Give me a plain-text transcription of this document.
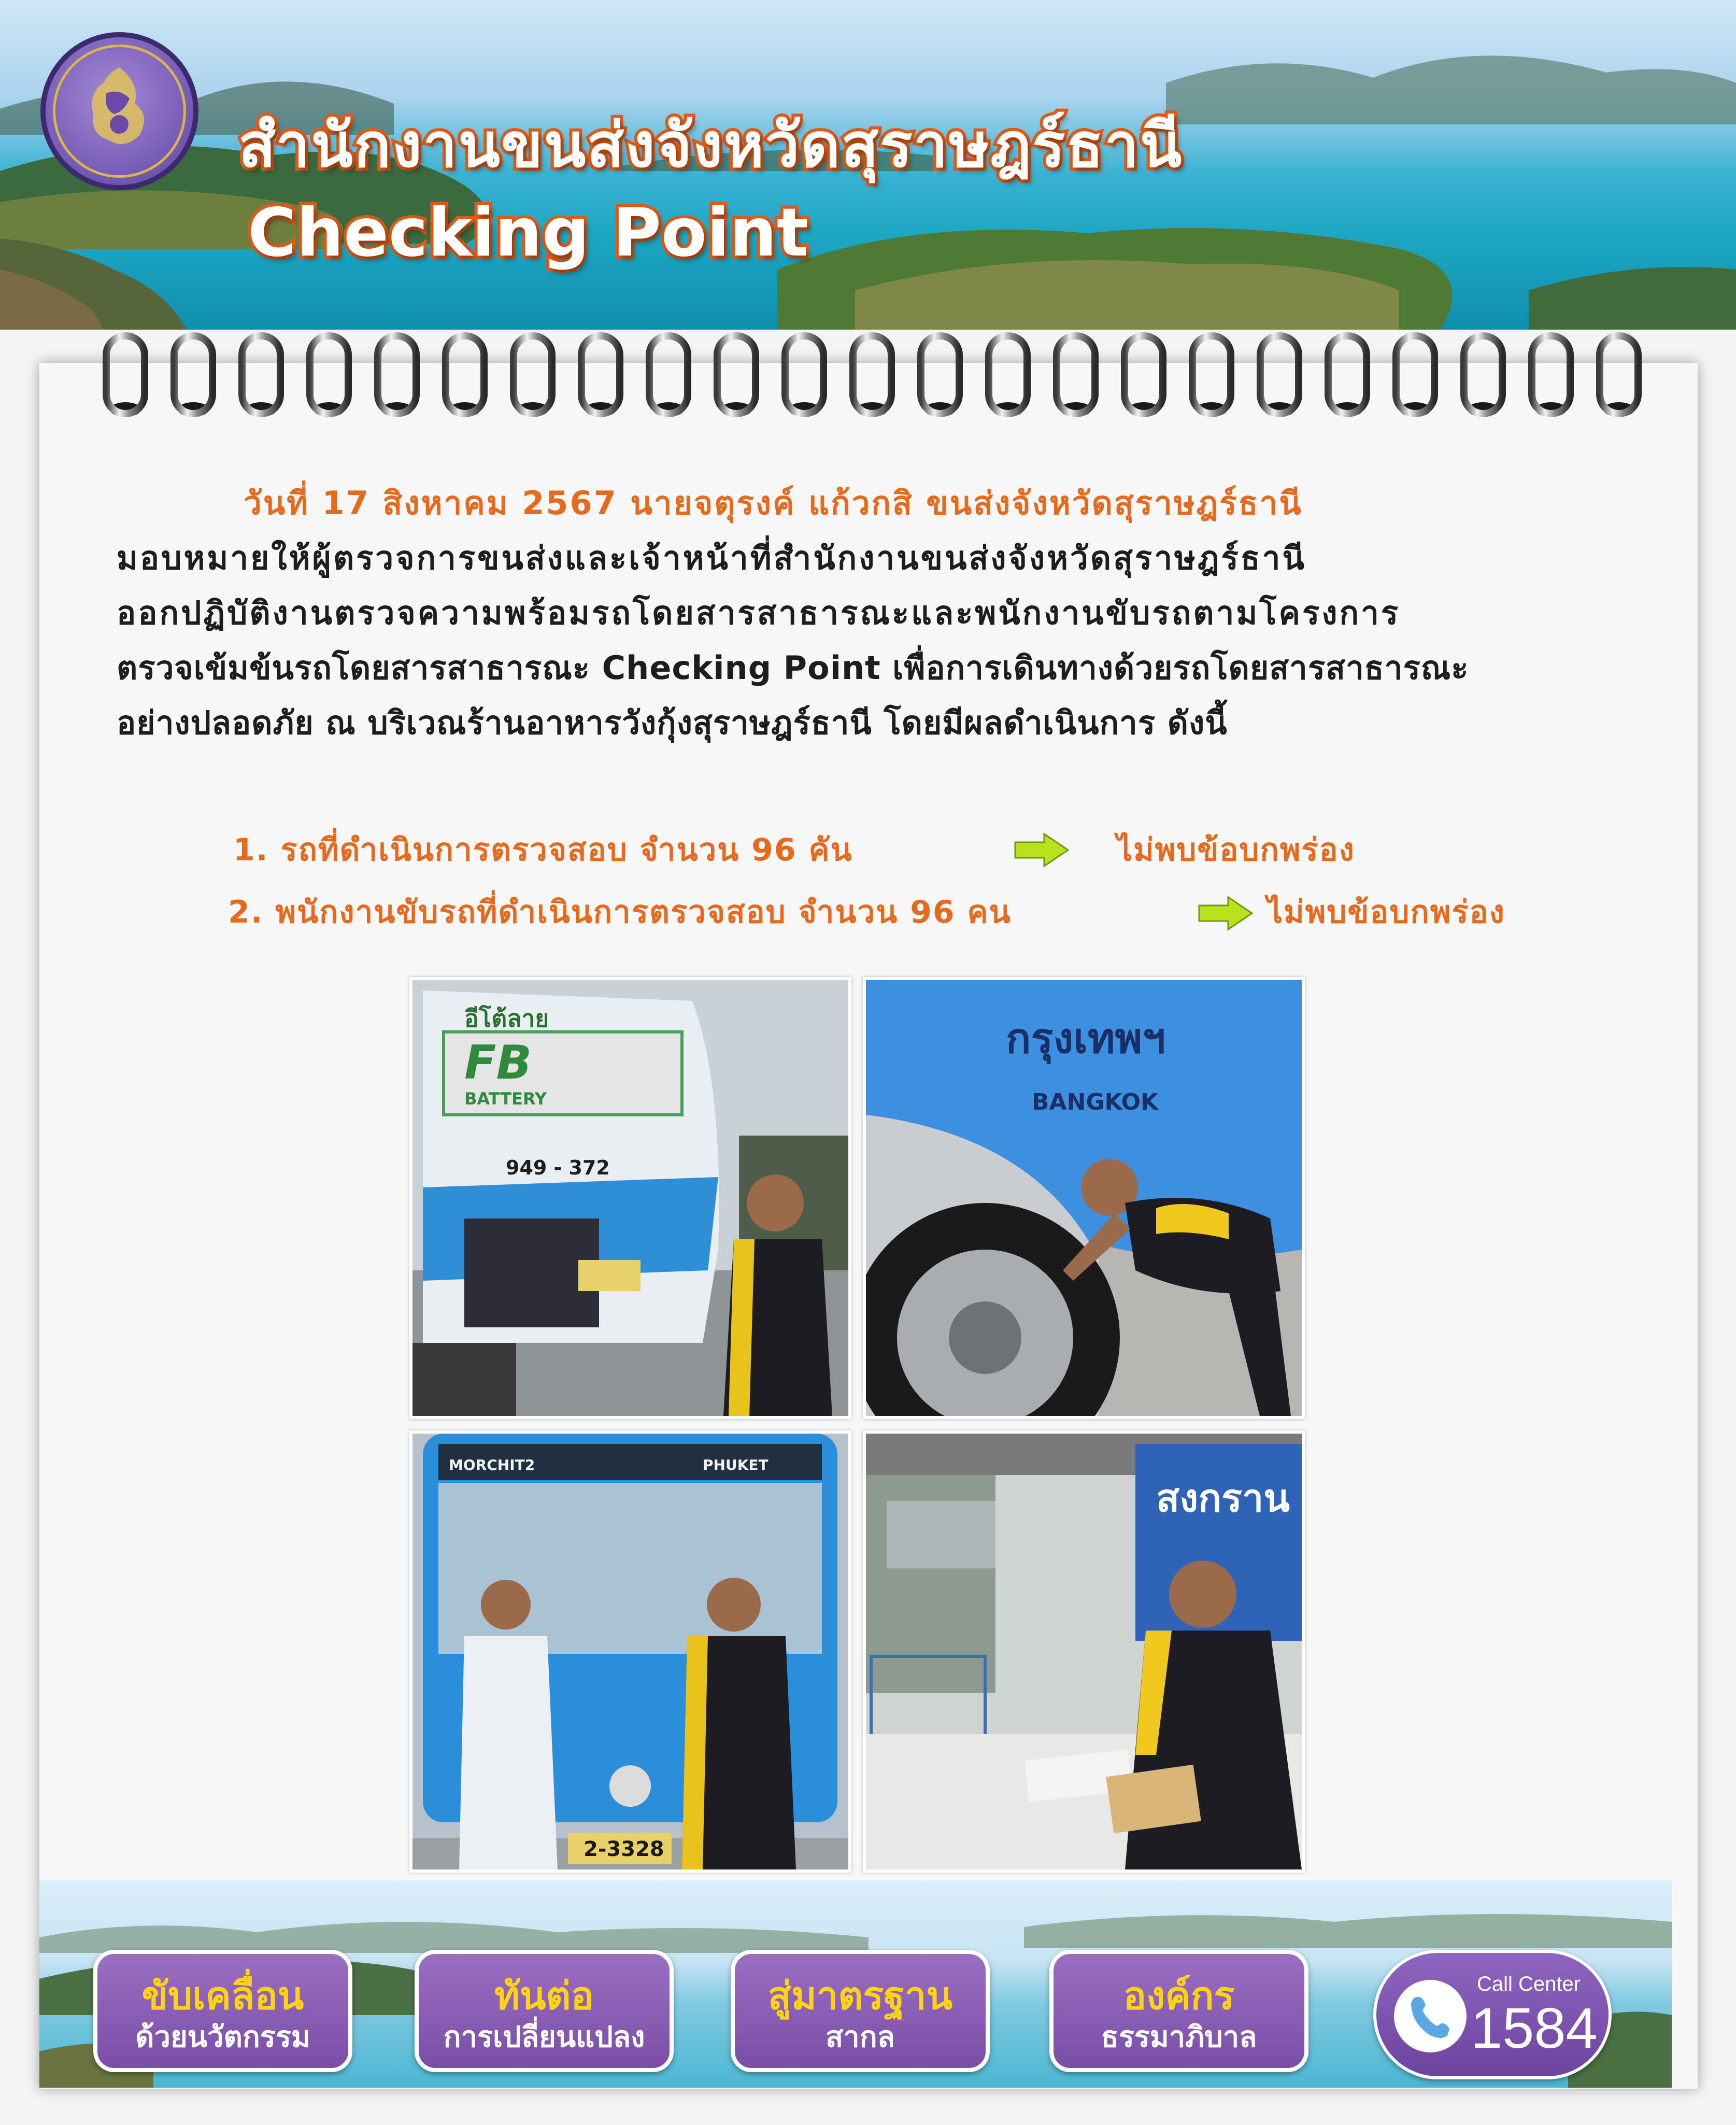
สำนักงานขนส่งจังหวัดสุราษฎร์ธานี
Checking Point
วันที่ 17 สิงหาคม 2567 นายจตุรงค์ แก้วกสิ ขนส่งจังหวัดสุราษฎร์ธานี
มอบหมายให้ผู้ตรวจการขนส่งและเจ้าหน้าที่สำนักงานขนส่งจังหวัดสุราษฎร์ธานี
ออกปฏิบัติงานตรวจความพร้อมรถโดยสารสาธารณะและพนักงานขับรถตามโครงการ
ตรวจเข้มข้นรถโดยสารสาธารณะ Checking Point เพื่อการเดินทางด้วยรถโดยสารสาธารณะ
อย่างปลอดภัย ณ บริเวณร้านอาหารวังกุ้งสุราษฎร์ธานี โดยมีผลดำเนินการ ดังนี้
1. รถที่ดำเนินการตรวจสอบ จำนวน 96 คัน	ไม่พบข้อบกพร่อง
2. พนักงานขับรถที่ดำเนินการตรวจสอบ จำนวน 96 คน	ไม่พบข้อบกพร่อง
อีโต้ลาย
FB
BATTERY
949 - 372
กรุงเทพฯ
BANGKOK
MORCHIT2	PHUKET
2-3328
สงกราน
ขับเคลื่อน
ด้วยนวัตกรรม
ทันต่อ
การเปลี่ยนแปลง
สู่มาตรฐาน
สากล
องค์กร
ธรรมาภิบาล
Call Center
1584
